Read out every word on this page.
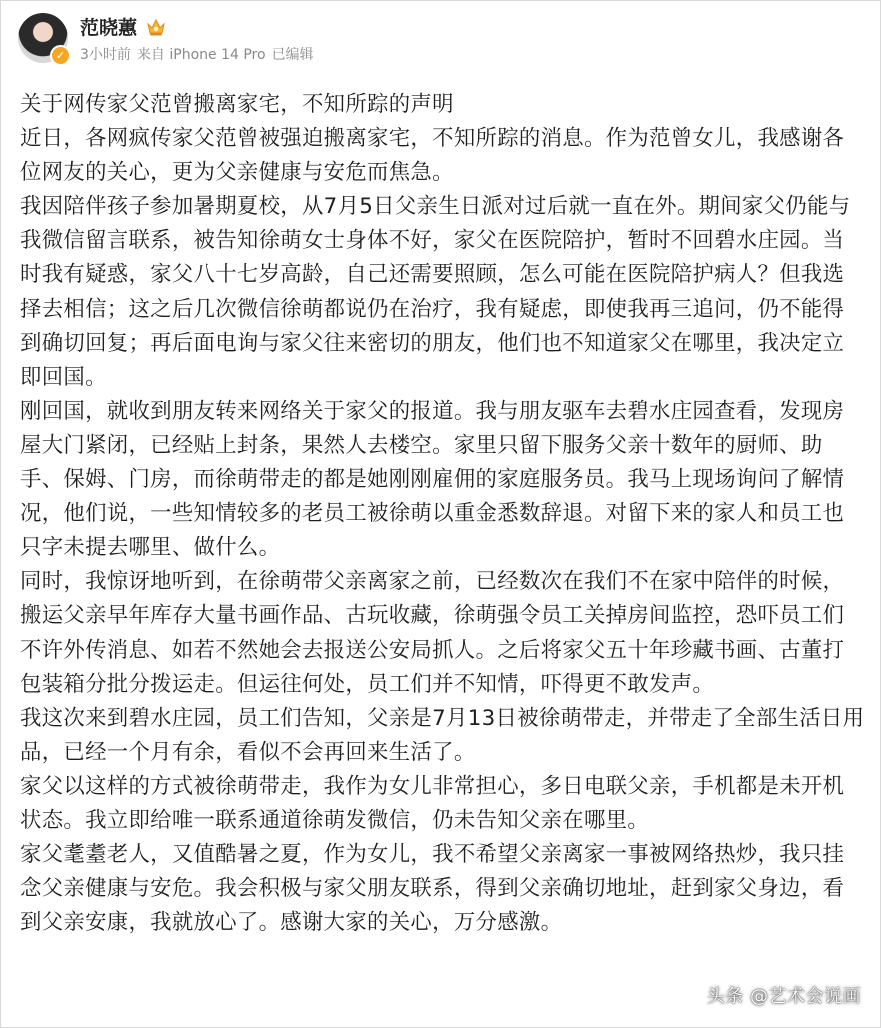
✓
范晓蕙
3小时前 来自 iPhone 14 Pro 已编辑

关于网传家父范曾搬离家宅，不知所踪的声明

近日，各网疯传家父范曾被强迫搬离家宅，不知所踪的消息。作为范曾女儿，我感谢各位网友的关心，更为父亲健康与安危而焦急。

我因陪伴孩子参加暑期夏校，从7月5日父亲生日派对过后就一直在外。期间家父仍能与我微信留言联系，被告知徐萌女士身体不好，家父在医院陪护，暂时不回碧水庄园。当时我有疑惑，家父八十七岁高龄，自己还需要照顾，怎么可能在医院陪护病人？但我选择去相信；这之后几次微信徐萌都说仍在治疗，我有疑虑，即使我再三追问，仍不能得到确切回复；再后面电询与家父往来密切的朋友，他们也不知道家父在哪里，我决定立即回国。

刚回国，就收到朋友转来网络关于家父的报道。我与朋友驱车去碧水庄园查看，发现房屋大门紧闭，已经贴上封条，果然人去楼空。家里只留下服务父亲十数年的厨师、助手、保姆、门房，而徐萌带走的都是她刚刚雇佣的家庭服务员。我马上现场询问了解情况，他们说，一些知情较多的老员工被徐萌以重金悉数辞退。对留下来的家人和员工也只字未提去哪里、做什么。

同时，我惊讶地听到，在徐萌带父亲离家之前，已经数次在我们不在家中陪伴的时候，搬运父亲早年库存大量书画作品、古玩收藏，徐萌强令员工关掉房间监控，恐吓员工们不许外传消息、如若不然她会去报送公安局抓人。之后将家父五十年珍藏书画、古董打包装箱分批分拨运走。但运往何处，员工们并不知情，吓得更不敢发声。

我这次来到碧水庄园，员工们告知，父亲是7月13日被徐萌带走，并带走了全部生活日用品，已经一个月有余，看似不会再回来生活了。

家父以这样的方式被徐萌带走，我作为女儿非常担心，多日电联父亲，手机都是未开机状态。我立即给唯一联系通道徐萌发微信，仍未告知父亲在哪里。

家父耄耋老人，又值酷暑之夏，作为女儿，我不希望父亲离家一事被网络热炒，我只挂念父亲健康与安危。我会积极与家父朋友联系，得到父亲确切地址，赶到家父身边，看到父亲安康，我就放心了。感谢大家的关心，万分感激。

头条 @艺术会说画
